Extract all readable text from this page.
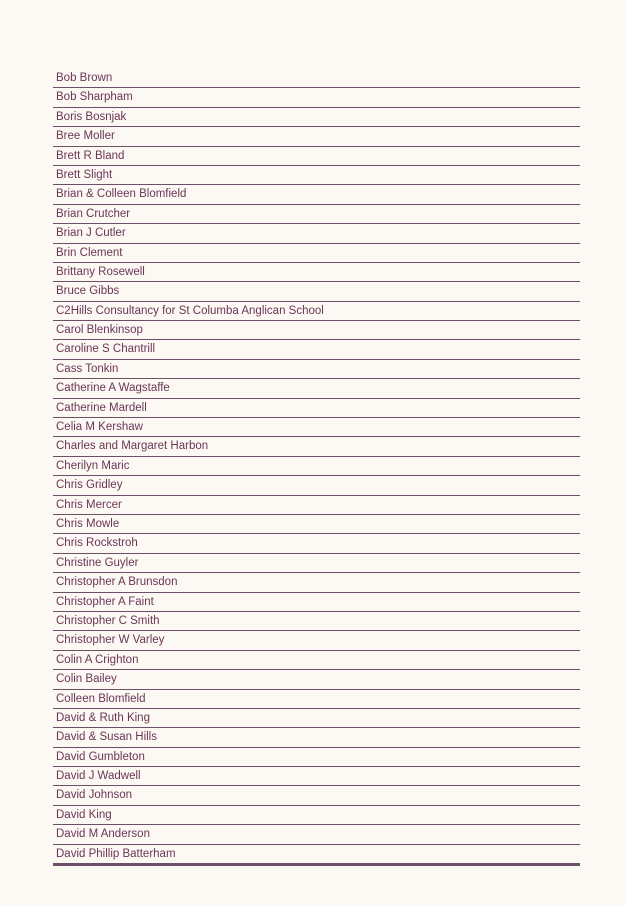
Bob Brown
Bob Sharpham
Boris Bosnjak
Bree Moller
Brett R Bland
Brett Slight
Brian & Colleen Blomfield
Brian Crutcher
Brian J Cutler
Brin Clement
Brittany Rosewell
Bruce Gibbs
C2Hills Consultancy for St Columba Anglican School
Carol Blenkinsop
Caroline S Chantrill
Cass Tonkin
Catherine A Wagstaffe
Catherine Mardell
Celia M Kershaw
Charles and Margaret Harbon
Cherilyn Maric
Chris Gridley
Chris Mercer
Chris Mowle
Chris Rockstroh
Christine Guyler
Christopher A Brunsdon
Christopher A Faint
Christopher C Smith
Christopher W Varley
Colin A Crighton
Colin Bailey
Colleen Blomfield
David & Ruth King
David & Susan Hills
David Gumbleton
David J Wadwell
David Johnson
David King
David M Anderson
David Phillip Batterham
